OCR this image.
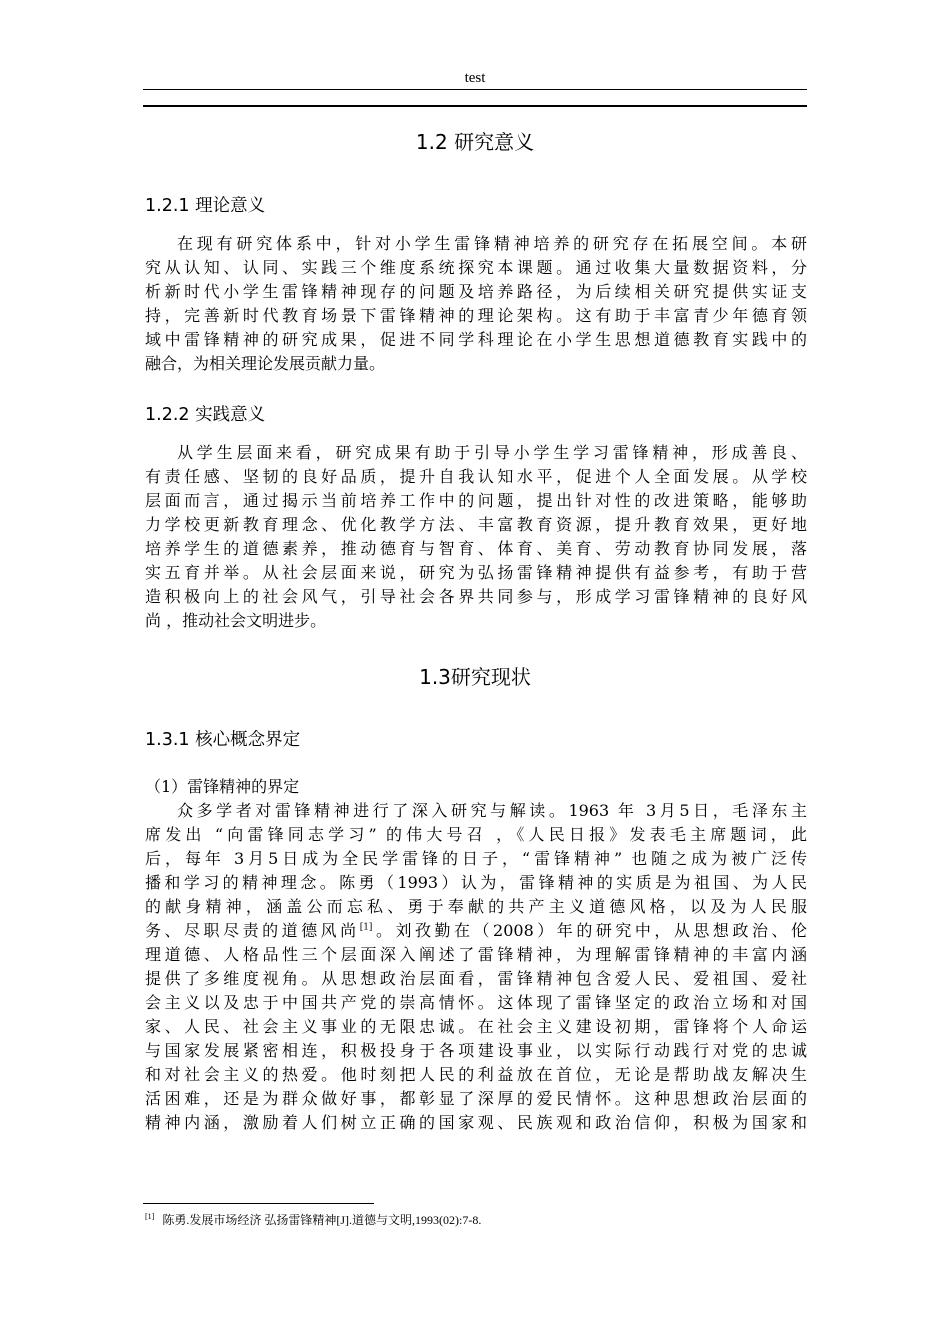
test
1.2 研究意义
1.2.1 理论意义
在现有研究体系中，针对小学生雷锋精神培养的研究存在拓展空间。本研
究从认知、认同、实践三个维度系统探究本课题。通过收集大量数据资料，分
析新时代小学生雷锋精神现存的问题及培养路径，为后续相关研究提供实证支
持，完善新时代教育场景下雷锋精神的理论架构。这有助于丰富青少年德育领
域中雷锋精神的研究成果，促进不同学科理论在小学生思想道德教育实践中的
融合，为相关理论发展贡献力量。
1.2.2 实践意义
从学生层面来看，研究成果有助于引导小学生学习雷锋精神，形成善良、
有责任感、坚韧的良好品质，提升自我认知水平，促进个人全面发展。从学校
层面而言，通过揭示当前培养工作中的问题，提出针对性的改进策略，能够助
力学校更新教育理念、优化教学方法、丰富教育资源，提升教育效果，更好地
培养学生的道德素养，推动德育与智育、体育、美育、劳动教育协同发展，落
实五育并举。从社会层面来说，研究为弘扬雷锋精神提供有益参考，有助于营
造积极向上的社会风气，引导社会各界共同参与，形成学习雷锋精神的良好风
尚 ，推动社会文明进步。
1.3研究现状
1.3.1 核心概念界定
（1）雷锋精神的界定
众多学者对雷锋精神进行了深入研究与解读。1963 年 3月5日，毛泽东主
席发出 “向雷锋同志学习” 的伟大号召 ，《人民日报》发表毛主席题词，此
后，每年 3月5日成为全民学雷锋的日子，“雷锋精神” 也随之成为被广泛传
播和学习的精神理念。陈勇（1993）认为，雷锋精神的实质是为祖国、为人民
的献身精神，涵盖公而忘私、勇于奉献的共产主义道德风格，以及为人民服
务、尽职尽责的道德风尚[1]。刘孜勤在（2008）年的研究中，从思想政治、伦
理道德、人格品性三个层面深入阐述了雷锋精神，为理解雷锋精神的丰富内涵
提供了多维度视角。从思想政治层面看，雷锋精神包含爱人民、爱祖国、爱社
会主义以及忠于中国共产党的崇高情怀。这体现了雷锋坚定的政治立场和对国
家、人民、社会主义事业的无限忠诚。在社会主义建设初期，雷锋将个人命运
与国家发展紧密相连，积极投身于各项建设事业，以实际行动践行对党的忠诚
和对社会主义的热爱。他时刻把人民的利益放在首位，无论是帮助战友解决生
活困难，还是为群众做好事，都彰显了深厚的爱民情怀。这种思想政治层面的
精神内涵，激励着人们树立正确的国家观、民族观和政治信仰，积极为国家和
[1] 陈勇.发展市场经济 弘扬雷锋精神[J].道德与文明,1993(02):7-8.
